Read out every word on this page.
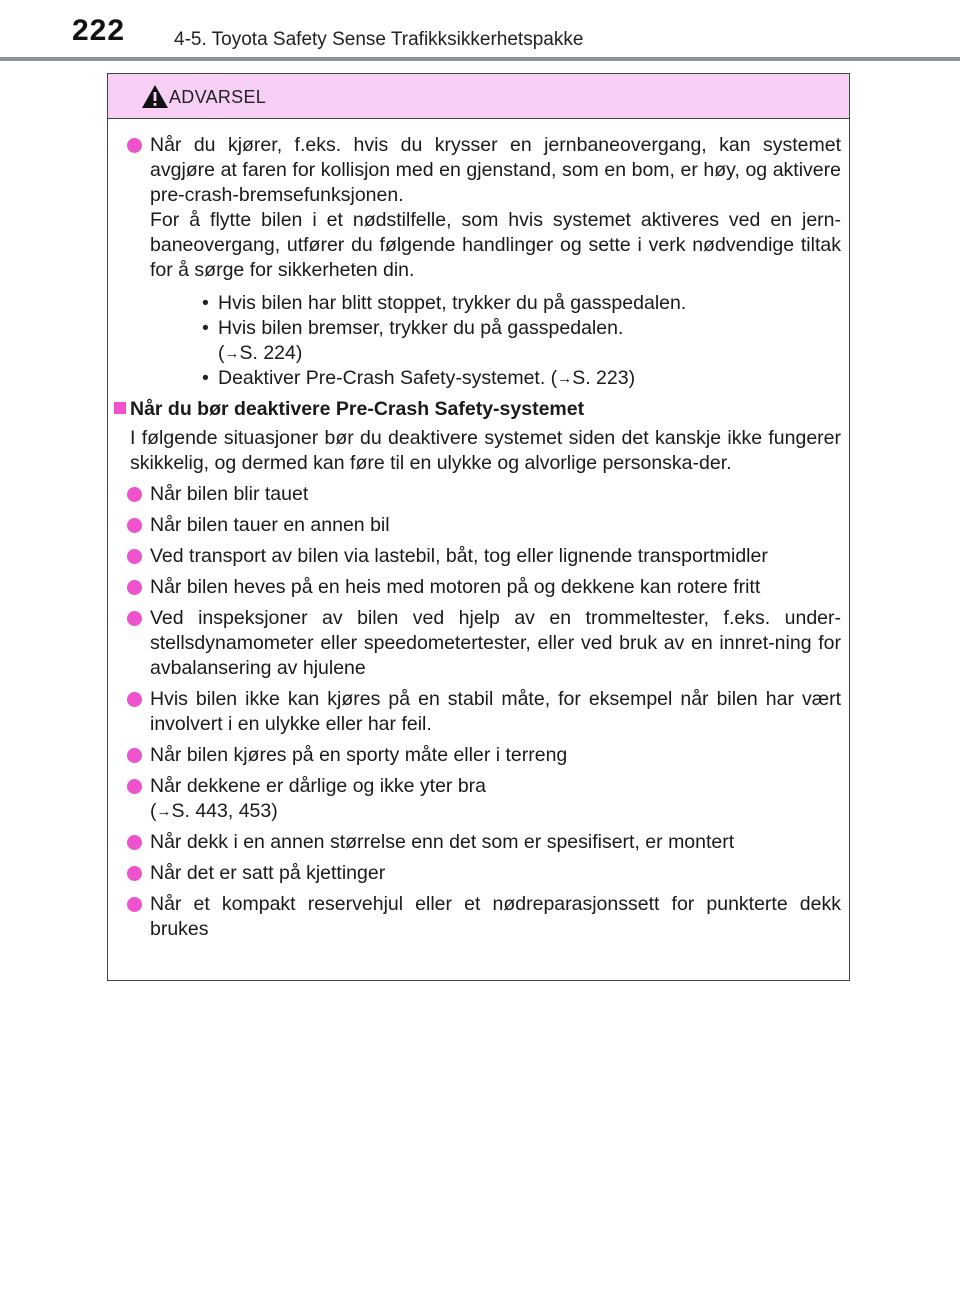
222	4-5. Toyota Safety Sense Trafikksikkerhetspakke
ADVARSEL

Når du kjører, f.eks. hvis du krysser en jernbaneovergang, kan systemet avgjøre at faren for kollisjon med en gjenstand, som en bom, er høy, og aktivere pre-crash-bremsefunksjonen.

For å flytte bilen i et nødstilfelle, som hvis systemet aktiveres ved en jern-baneovergang, utfører du følgende handlinger og sette i verk nødvendige tiltak for å sørge for sikkerheten din.

• Hvis bilen har blitt stoppet, trykker du på gasspedalen.
• Hvis bilen bremser, trykker du på gasspedalen.
(→S. 224)
• Deaktiver Pre-Crash Safety-systemet. (→S. 223)
Når du bør deaktivere Pre-Crash Safety-systemet
I følgende situasjoner bør du deaktivere systemet siden det kanskje ikke fungerer skikkelig, og dermed kan føre til en ulykke og alvorlige personska-der.
Når bilen blir tauet
Når bilen tauer en annen bil
Ved transport av bilen via lastebil, båt, tog eller lignende transportmidler
Når bilen heves på en heis med motoren på og dekkene kan rotere fritt
Ved inspeksjoner av bilen ved hjelp av en trommeltester, f.eks. under-stellsdynamometer eller speedometertester, eller ved bruk av en innret-ning for avbalansering av hjulene
Hvis bilen ikke kan kjøres på en stabil måte, for eksempel når bilen har vært involvert i en ulykke eller har feil.
Når bilen kjøres på en sporty måte eller i terreng
Når dekkene er dårlige og ikke yter bra
(→S. 443, 453)
Når dekk i en annen størrelse enn det som er spesifisert, er montert
Når det er satt på kjettinger
Når et kompakt reservehjul eller et nødreparasjonssett for punkterte dekk brukes
